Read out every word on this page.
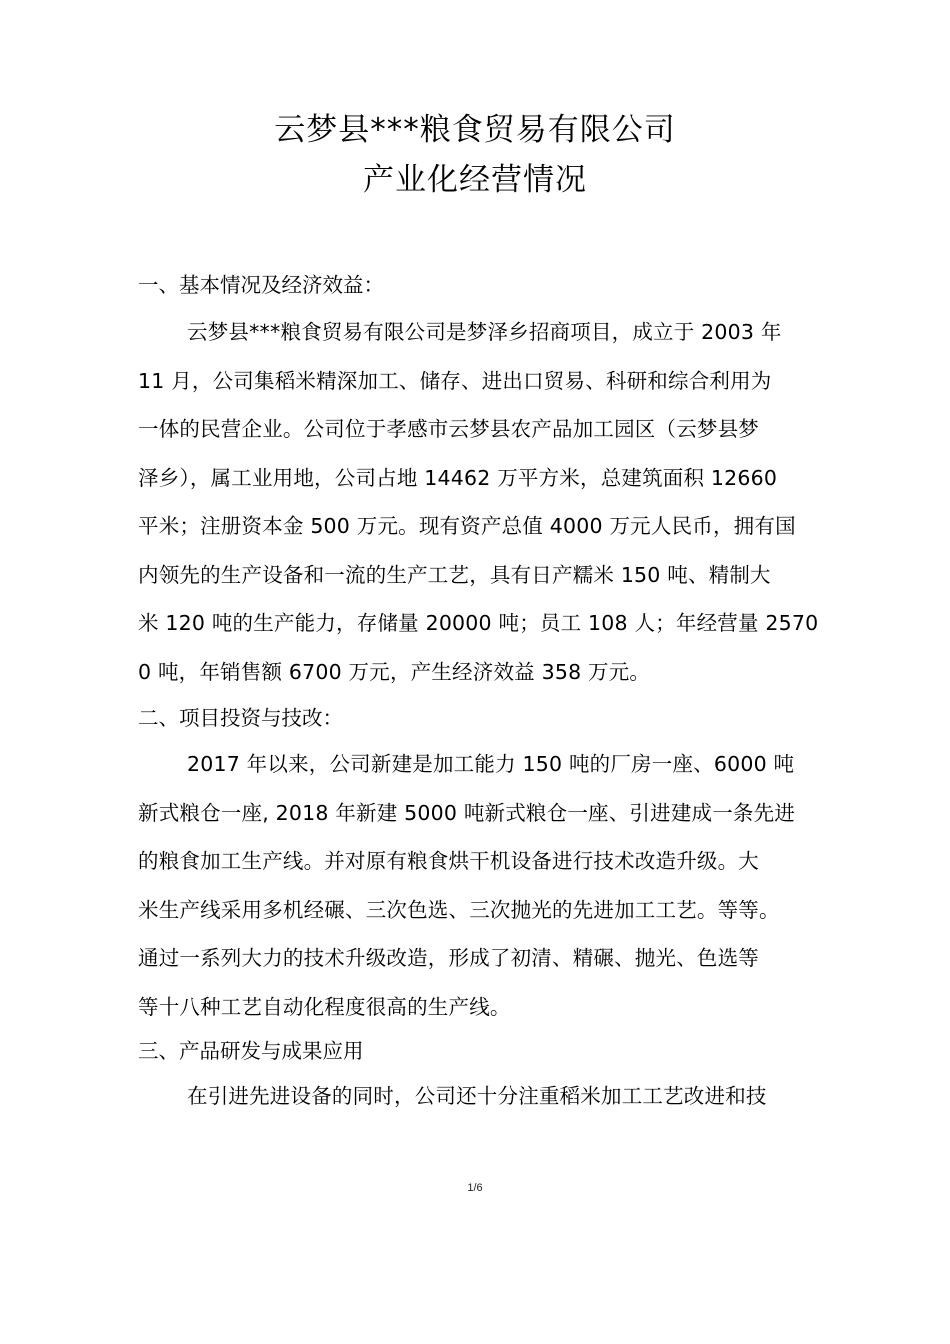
云梦县***粮食贸易有限公司
产业化经营情况
一、基本情况及经济效益：
云梦县***粮食贸易有限公司是梦泽乡招商项目，成立于 2003 年
11 月，公司集稻米精深加工、储存、进出口贸易、科研和综合利用为
一体的民营企业。公司位于孝感市云梦县农产品加工园区（云梦县梦
泽乡），属工业用地，公司占地 14462 万平方米，总建筑面积 12660
平米；注册资本金 500 万元。现有资产总值 4000 万元人民币，拥有国
内领先的生产设备和一流的生产工艺，具有日产糯米 150 吨、精制大
米 120 吨的生产能力，存储量 20000 吨；员工 108 人；年经营量 2570
0 吨，年销售额 6700 万元，产生经济效益 358 万元。
二、项目投资与技改：
2017 年以来，公司新建是加工能力 150 吨的厂房一座、6000 吨
新式粮仓一座, 2018 年新建 5000 吨新式粮仓一座、引进建成一条先进
的粮食加工生产线。并对原有粮食烘干机设备进行技术改造升级。大
米生产线采用多机经碾、三次色选、三次抛光的先进加工工艺。等等。
通过一系列大力的技术升级改造，形成了初清、精碾、抛光、色选等
等十八种工艺自动化程度很高的生产线。
三、产品研发与成果应用
在引进先进设备的同时，公司还十分注重稻米加工工艺改进和技
1/6
